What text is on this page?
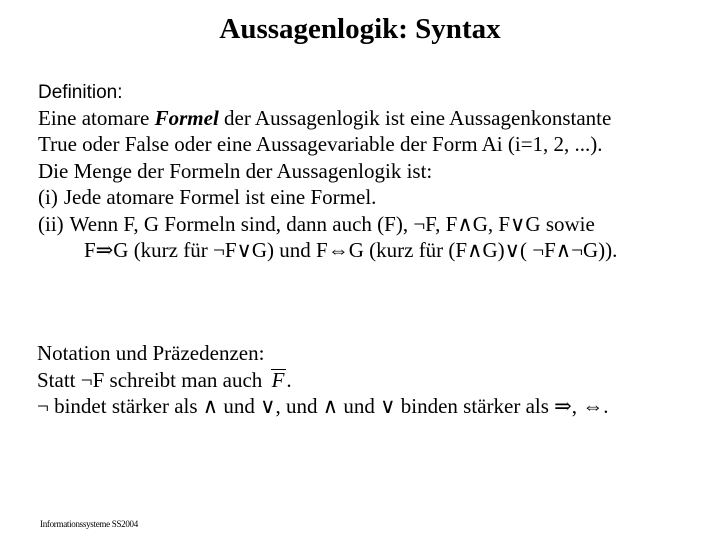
Aussagenlogik: Syntax
Definition:
Eine atomare Formel der Aussagenlogik ist eine Aussagenkonstante
True oder False oder eine Aussagevariable der Form Ai (i=1, 2, ...).
Die Menge der Formeln der Aussagenlogik ist:
(i) Jede atomare Formel ist eine Formel.
(ii) Wenn F, G Formeln sind, dann auch (F), ¬F, F∧G, F∨G sowie
F⇒G (kurz für ¬F∨G) und F⇔G (kurz für (F∧G)∨( ¬F∧¬G)).
Notation und Präzedenzen:
Statt ¬F schreibt man auch F.
¬ bindet stärker als ∧ und ∨, und ∧ und ∨ binden stärker als ⇒, ⇔.
Informationssysteme SS2004
